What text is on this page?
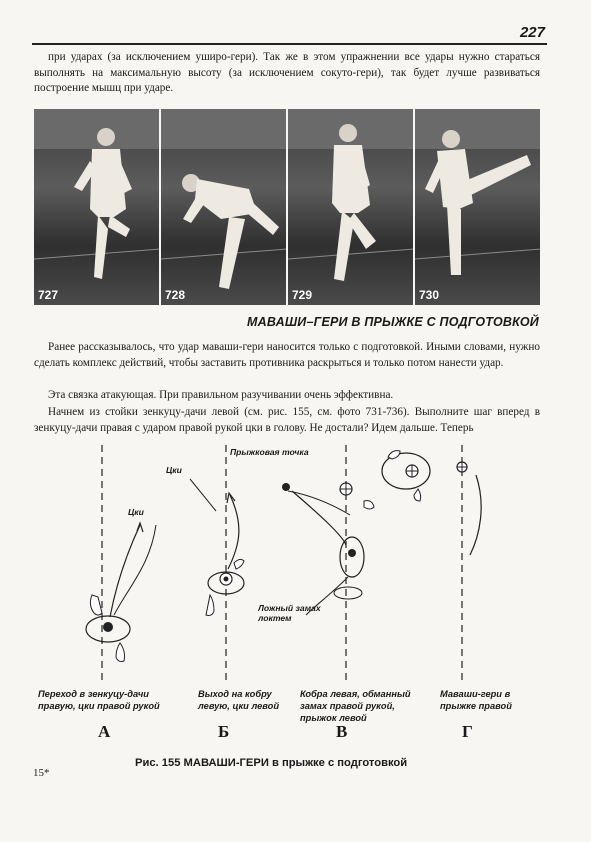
227

при ударах (за исключением уширо-гери). Так же в этом упражнении все удары нужно стараться выполнять на максимальную высоту (за исключением сокуто-гери), так будет лучше развиваться построение мышц при ударе.

727	728	729	730
МАВАШИ–ГЕРИ В ПРЫЖКЕ С ПОДГОТОВКОЙ

Ранее рассказывалось, что удар маваши-гери наносится только с подготовкой. Иными словами, нужно сделать комплекс действий, чтобы заставить противника раскрыться и только потом нанести удар.

Эта связка атакующая. При правильном разучивании очень эффективна.

Начнем из стойки зенкуцу-дачи левой (см. рис. 155, см. фото 731-736). Выполните шаг вперед в зенкуцу-дачи правая с ударом правой рукой цки в голову. Не достали? Идем дальше. Теперь

Цки
Цки
Прыжковая точка
Ложный замах локтем
Переход в зенкуцу-дачи правую, цки правой рукой
Выход на кобру левую, цки левой
Кобра левая, обманный замах правой рукой, прыжок левой
Маваши-гери в прыжке правой
А	Б	В	Г
Рис. 155 МАВАШИ-ГЕРИ в прыжке с подготовкой
15*
